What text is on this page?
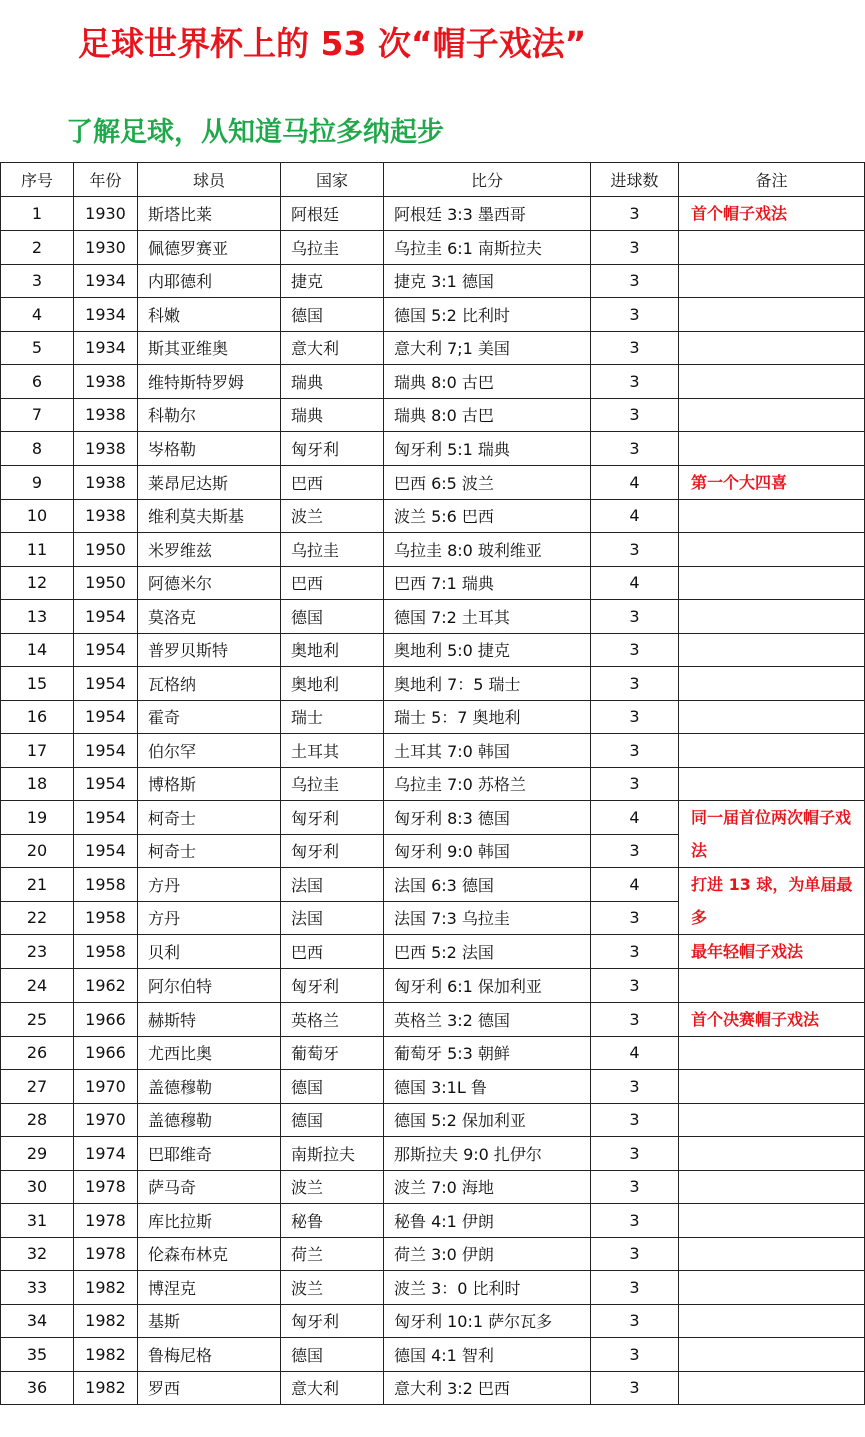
足球世界杯上的 53 次“帽子戏法”
了解足球，从知道马拉多纳起步
序号	年份	球员	国家	比分	进球数	备注
1	1930	斯塔比莱	阿根廷	阿根廷 3:3 墨西哥	3	首个帽子戏法
2	1930	佩德罗赛亚	乌拉圭	乌拉圭 6:1 南斯拉夫	3	
3	1934	内耶德利	捷克	捷克 3:1 德国	3	
4	1934	科嫩	德国	德国 5:2 比利时	3	
5	1934	斯其亚维奥	意大利	意大利 7;1 美国	3	
6	1938	维特斯特罗姆	瑞典	瑞典 8:0 古巴	3	
7	1938	科勒尔	瑞典	瑞典 8:0 古巴	3	
8	1938	岑格勒	匈牙利	匈牙利 5:1 瑞典	3	
9	1938	莱昂尼达斯	巴西	巴西 6:5 波兰	4	第一个大四喜
10	1938	维利莫夫斯基	波兰	波兰 5:6 巴西	4	
11	1950	米罗维兹	乌拉圭	乌拉圭 8:0 玻利维亚	3	
12	1950	阿德米尔	巴西	巴西 7:1 瑞典	4	
13	1954	莫洛克	德国	德国 7:2 土耳其	3	
14	1954	普罗贝斯特	奥地利	奥地利 5:0 捷克	3	
15	1954	瓦格纳	奥地利	奥地利 7：5 瑞士	3	
16	1954	霍奇	瑞士	瑞士 5：7 奥地利	3	
17	1954	伯尔罕	土耳其	土耳其 7:0 韩国	3	
18	1954	博格斯	乌拉圭	乌拉圭 7:0 苏格兰	3	
19	1954	柯奇士	匈牙利	匈牙利 8:3 德国	4	同一届首位两次帽子戏法
20	1954	柯奇士	匈牙利	匈牙利 9:0 韩国	3	
21	1958	方丹	法国	法国 6:3 德国	4	打进 13 球，为单届最多
22	1958	方丹	法国	法国 7:3 乌拉圭	3	
23	1958	贝利	巴西	巴西 5:2 法国	3	最年轻帽子戏法
24	1962	阿尔伯特	匈牙利	匈牙利 6:1 保加利亚	3	
25	1966	赫斯特	英格兰	英格兰 3:2 德国	3	首个决赛帽子戏法
26	1966	尤西比奥	葡萄牙	葡萄牙 5:3 朝鲜	4	
27	1970	盖德穆勒	德国	德国 3:1L 鲁	3	
28	1970	盖德穆勒	德国	德国 5:2 保加利亚	3	
29	1974	巴耶维奇	南斯拉夫	那斯拉夫 9:0 扎伊尔	3	
30	1978	萨马奇	波兰	波兰 7:0 海地	3	
31	1978	库比拉斯	秘鲁	秘鲁 4:1 伊朗	3	
32	1978	伦森布林克	荷兰	荷兰 3:0 伊朗	3	
33	1982	博涅克	波兰	波兰 3：0 比利时	3	
34	1982	基斯	匈牙利	匈牙利 10:1 萨尔瓦多	3	
35	1982	鲁梅尼格	德国	德国 4:1 智利	3	
36	1982	罗西	意大利	意大利 3:2 巴西	3	
